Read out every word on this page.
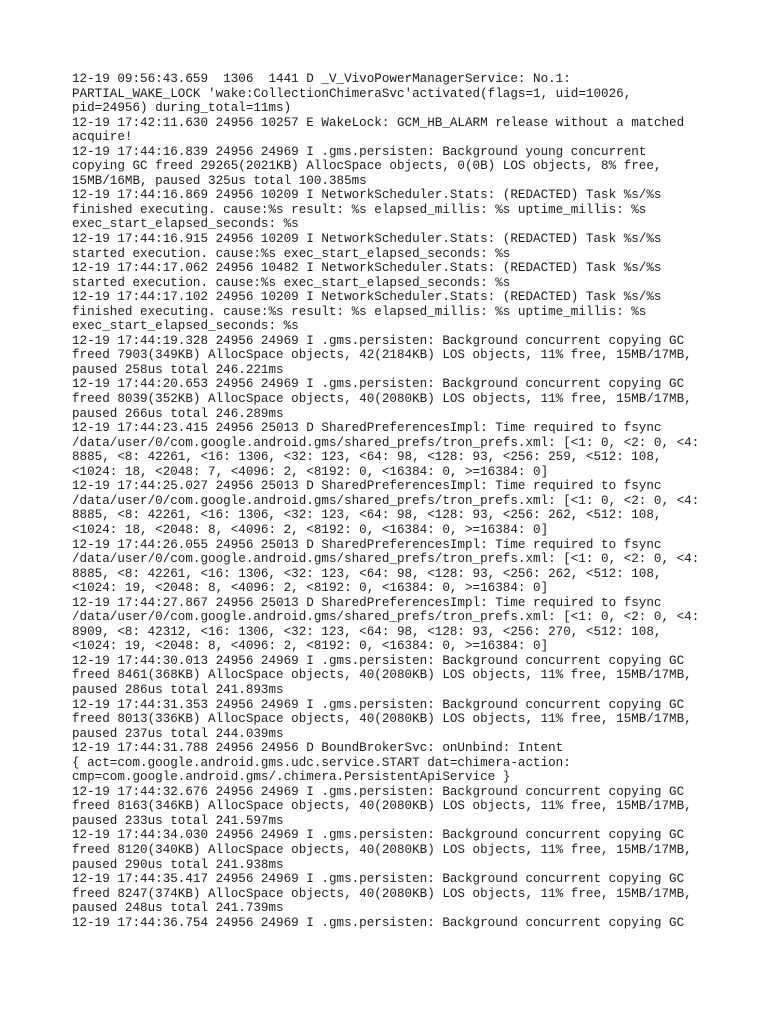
12-19 09:56:43.659  1306  1441 D _V_VivoPowerManagerService: No.1:
PARTIAL_WAKE_LOCK 'wake:CollectionChimeraSvc'activated(flags=1, uid=10026,
pid=24956) during_total=11ms)
12-19 17:42:11.630 24956 10257 E WakeLock: GCM_HB_ALARM release without a matched
acquire!
12-19 17:44:16.839 24956 24969 I .gms.persisten: Background young concurrent
copying GC freed 29265(2021KB) AllocSpace objects, 0(0B) LOS objects, 8% free,
15MB/16MB, paused 325us total 100.385ms
12-19 17:44:16.869 24956 10209 I NetworkScheduler.Stats: (REDACTED) Task %s/%s
finished executing. cause:%s result: %s elapsed_millis: %s uptime_millis: %s
exec_start_elapsed_seconds: %s
12-19 17:44:16.915 24956 10209 I NetworkScheduler.Stats: (REDACTED) Task %s/%s
started execution. cause:%s exec_start_elapsed_seconds: %s
12-19 17:44:17.062 24956 10482 I NetworkScheduler.Stats: (REDACTED) Task %s/%s
started execution. cause:%s exec_start_elapsed_seconds: %s
12-19 17:44:17.102 24956 10209 I NetworkScheduler.Stats: (REDACTED) Task %s/%s
finished executing. cause:%s result: %s elapsed_millis: %s uptime_millis: %s
exec_start_elapsed_seconds: %s
12-19 17:44:19.328 24956 24969 I .gms.persisten: Background concurrent copying GC
freed 7903(349KB) AllocSpace objects, 42(2184KB) LOS objects, 11% free, 15MB/17MB,
paused 258us total 246.221ms
12-19 17:44:20.653 24956 24969 I .gms.persisten: Background concurrent copying GC
freed 8039(352KB) AllocSpace objects, 40(2080KB) LOS objects, 11% free, 15MB/17MB,
paused 266us total 246.289ms
12-19 17:44:23.415 24956 25013 D SharedPreferencesImpl: Time required to fsync
/data/user/0/com.google.android.gms/shared_prefs/tron_prefs.xml: [<1: 0, <2: 0, <4:
8885, <8: 42261, <16: 1306, <32: 123, <64: 98, <128: 93, <256: 259, <512: 108,
<1024: 18, <2048: 7, <4096: 2, <8192: 0, <16384: 0, >=16384: 0]
12-19 17:44:25.027 24956 25013 D SharedPreferencesImpl: Time required to fsync
/data/user/0/com.google.android.gms/shared_prefs/tron_prefs.xml: [<1: 0, <2: 0, <4:
8885, <8: 42261, <16: 1306, <32: 123, <64: 98, <128: 93, <256: 262, <512: 108,
<1024: 18, <2048: 8, <4096: 2, <8192: 0, <16384: 0, >=16384: 0]
12-19 17:44:26.055 24956 25013 D SharedPreferencesImpl: Time required to fsync
/data/user/0/com.google.android.gms/shared_prefs/tron_prefs.xml: [<1: 0, <2: 0, <4:
8885, <8: 42261, <16: 1306, <32: 123, <64: 98, <128: 93, <256: 262, <512: 108,
<1024: 19, <2048: 8, <4096: 2, <8192: 0, <16384: 0, >=16384: 0]
12-19 17:44:27.867 24956 25013 D SharedPreferencesImpl: Time required to fsync
/data/user/0/com.google.android.gms/shared_prefs/tron_prefs.xml: [<1: 0, <2: 0, <4:
8909, <8: 42312, <16: 1306, <32: 123, <64: 98, <128: 93, <256: 270, <512: 108,
<1024: 19, <2048: 8, <4096: 2, <8192: 0, <16384: 0, >=16384: 0]
12-19 17:44:30.013 24956 24969 I .gms.persisten: Background concurrent copying GC
freed 8461(368KB) AllocSpace objects, 40(2080KB) LOS objects, 11% free, 15MB/17MB,
paused 286us total 241.893ms
12-19 17:44:31.353 24956 24969 I .gms.persisten: Background concurrent copying GC
freed 8013(336KB) AllocSpace objects, 40(2080KB) LOS objects, 11% free, 15MB/17MB,
paused 237us total 244.039ms
12-19 17:44:31.788 24956 24956 D BoundBrokerSvc: onUnbind: Intent
{ act=com.google.android.gms.udc.service.START dat=chimera-action:
cmp=com.google.android.gms/.chimera.PersistentApiService }
12-19 17:44:32.676 24956 24969 I .gms.persisten: Background concurrent copying GC
freed 8163(346KB) AllocSpace objects, 40(2080KB) LOS objects, 11% free, 15MB/17MB,
paused 233us total 241.597ms
12-19 17:44:34.030 24956 24969 I .gms.persisten: Background concurrent copying GC
freed 8120(340KB) AllocSpace objects, 40(2080KB) LOS objects, 11% free, 15MB/17MB,
paused 290us total 241.938ms
12-19 17:44:35.417 24956 24969 I .gms.persisten: Background concurrent copying GC
freed 8247(374KB) AllocSpace objects, 40(2080KB) LOS objects, 11% free, 15MB/17MB,
paused 248us total 241.739ms
12-19 17:44:36.754 24956 24969 I .gms.persisten: Background concurrent copying GC
